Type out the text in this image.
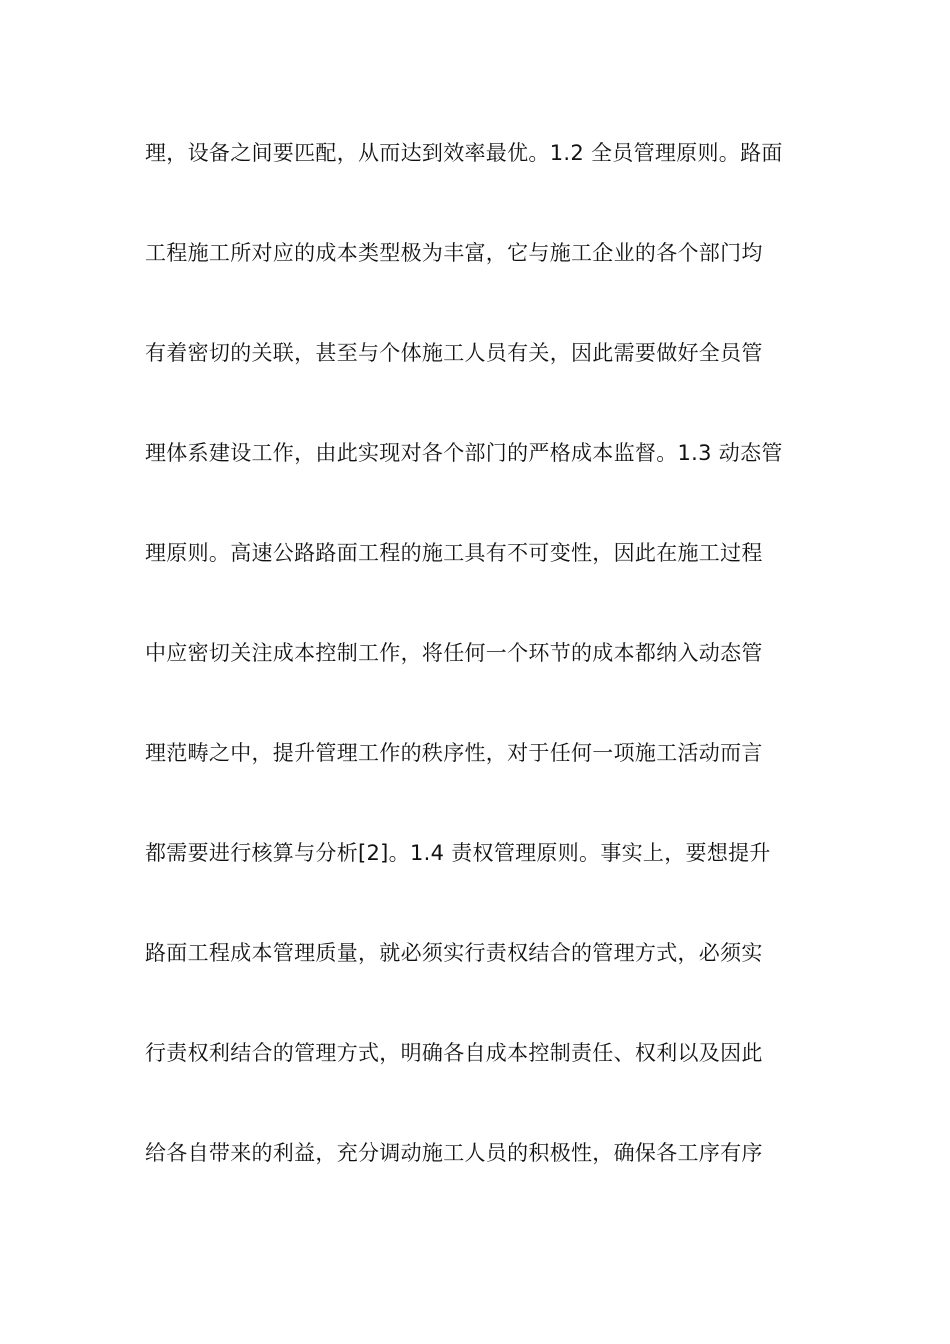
理，设备之间要匹配，从而达到效率最优。1.2 全员管理原则。路面
工程施工所对应的成本类型极为丰富，它与施工企业的各个部门均
有着密切的关联，甚至与个体施工人员有关，因此需要做好全员管
理体系建设工作，由此实现对各个部门的严格成本监督。1.3 动态管
理原则。高速公路路面工程的施工具有不可变性，因此在施工过程
中应密切关注成本控制工作，将任何一个环节的成本都纳入动态管
理范畴之中，提升管理工作的秩序性，对于任何一项施工活动而言
都需要进行核算与分析[2]。1.4 责权管理原则。事实上，要想提升
路面工程成本管理质量，就必须实行责权结合的管理方式，必须实
行责权利结合的管理方式，明确各自成本控制责任、权利以及因此
给各自带来的利益，充分调动施工人员的积极性，确保各工序有序
